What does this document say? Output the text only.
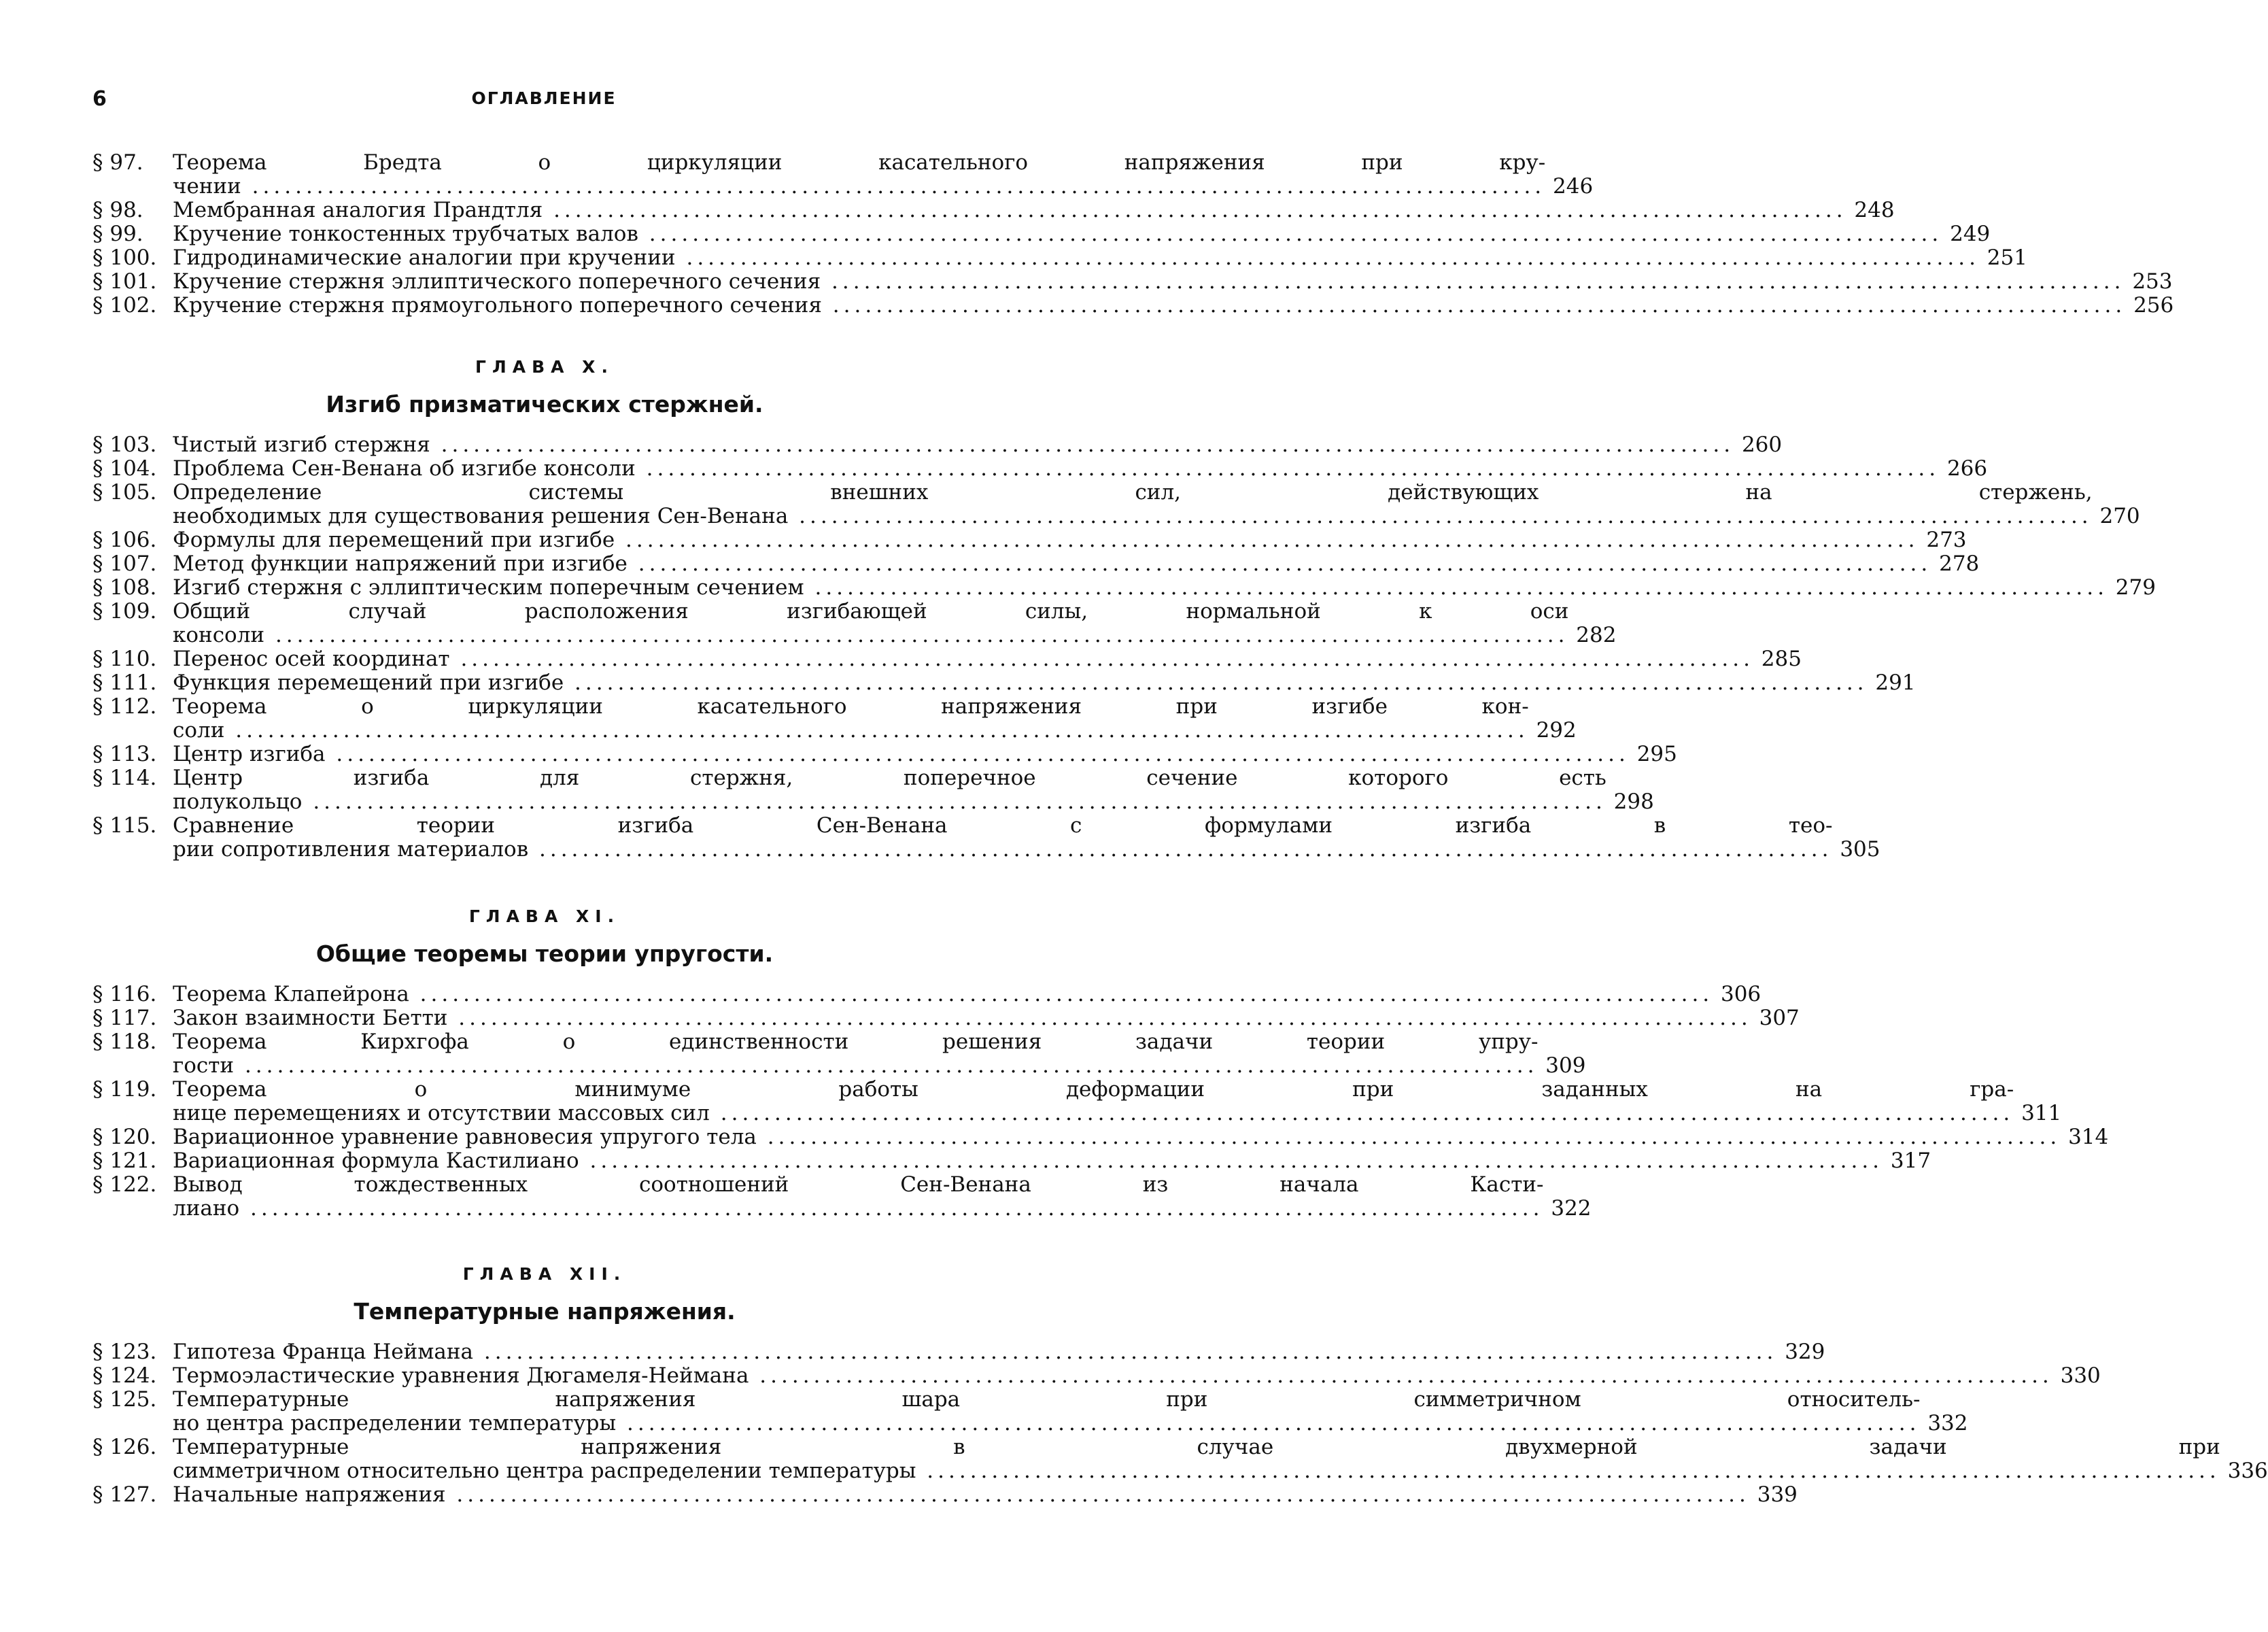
6	ОГЛАВЛЕНИЕ
§ 97.	Теорема Бредта о циркуляции касательного напряжения при кру-
чении ........................................................................................................................ 246
§ 98.	Мембранная аналогия Прандтля ........................................................................................................................ 248
§ 99.	Кручение тонкостенных трубчатых валов ........................................................................................................................ 249
§ 100. Гидродинамические аналогии при кручении ........................................................................................................................ 251
§ 101. Кручение стержня эллиптического поперечного сечения ........................................................................................................................ 253
§ 102. Кручение стержня прямоугольного поперечного сечения ........................................................................................................................ 256
ГЛАВА X.
Изгиб призматических стержней.
§ 103. Чистый изгиб стержня ........................................................................................................................ 260
§ 104. Проблема Сен-Венана об изгибе консоли ........................................................................................................................ 266
§ 105. Определение системы внешних сил, действующих на стержень,
необходимых для существования решения Сен-Венана ........................................................................................................................ 270
§ 106. Формулы для перемещений при изгибе ........................................................................................................................ 273
§ 107. Метод функции напряжений при изгибе ........................................................................................................................ 278
§ 108. Изгиб стержня с эллиптическим поперечным сечением ........................................................................................................................ 279
§ 109. Общий случай расположения изгибающей силы, нормальной к оси
консоли ........................................................................................................................ 282
§ 110. Перенос осей координат ........................................................................................................................ 285
§ 111. Функция перемещений при изгибе ........................................................................................................................ 291
§ 112. Теорема о циркуляции касательного напряжения при изгибе кон-
соли ........................................................................................................................ 292
§ 113. Центр изгиба ........................................................................................................................ 295
§ 114. Центр изгиба для стержня, поперечное сечение которого есть
полукольцо ........................................................................................................................ 298
§ 115. Сравнение теории изгиба Сен-Венана с формулами изгиба в тео-
рии сопротивления материалов ........................................................................................................................ 305
ГЛАВА XI.
Общие теоремы теории упругости.
§ 116. Теорема Клапейрона ........................................................................................................................ 306
§ 117. Закон взаимности Бетти ........................................................................................................................ 307
§ 118. Теорема Кирхгофа о единственности решения задачи теории упру-
гости ........................................................................................................................ 309
§ 119. Теорема о минимуме работы деформации при заданных на гра-
нице перемещениях и отсутствии массовых сил ........................................................................................................................ 311
§ 120. Вариационное уравнение равновесия упругого тела ........................................................................................................................ 314
§ 121. Вариационная формула Кастилиано ........................................................................................................................ 317
§ 122. Вывод тождественных соотношений Сен-Венана из начала Касти-
лиано ........................................................................................................................ 322
ГЛАВА XII.
Температурные напряжения.
§ 123. Гипотеза Франца Неймана ........................................................................................................................ 329
§ 124. Термоэластические уравнения Дюгамеля-Неймана ........................................................................................................................ 330
§ 125. Температурные напряжения шара при симметричном относитель-
но центра распределении температуры ........................................................................................................................ 332
§ 126. Температурные напряжения в случае двухмерной задачи при
симметричном относительно центра распределении температуры ........................................................................................................................ 336
§ 127. Начальные напряжения ........................................................................................................................ 339
